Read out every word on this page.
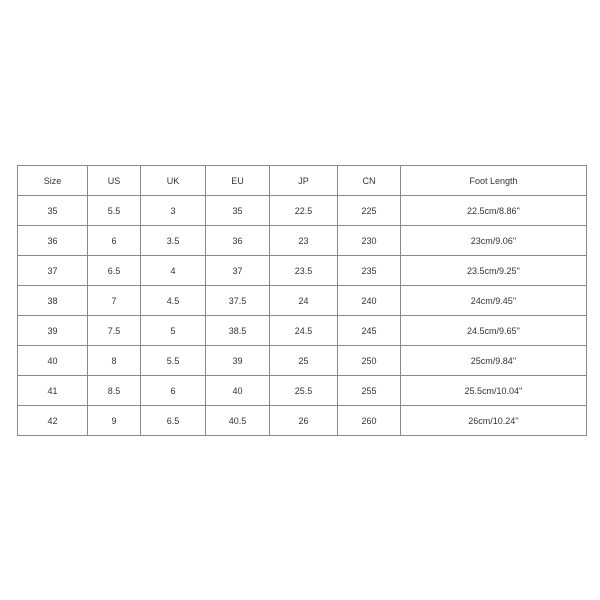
Size	US	UK	EU	JP	CN	Foot Length
35	5.5	3	35	22.5	225	22.5cm/8.86''
36	6	3.5	36	23	230	23cm/9.06''
37	6.5	4	37	23.5	235	23.5cm/9.25''
38	7	4.5	37.5	24	240	24cm/9.45''
39	7.5	5	38.5	24.5	245	24.5cm/9.65''
40	8	5.5	39	25	250	25cm/9.84''
41	8.5	6	40	25.5	255	25.5cm/10.04''
42	9	6.5	40.5	26	260	26cm/10.24''
